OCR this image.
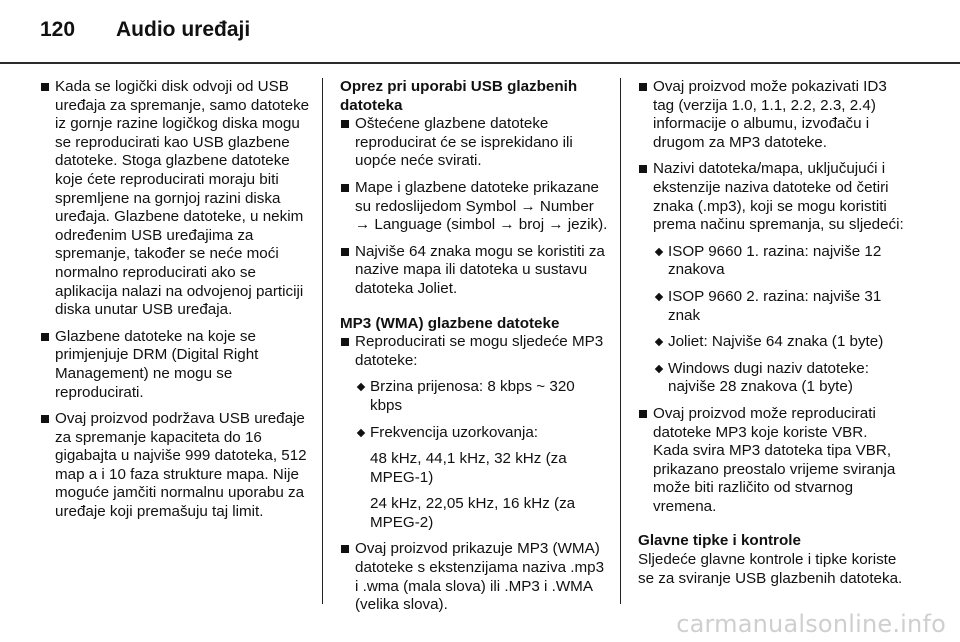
120	Audio uređaji

Kada se logički disk odvoji od USB uređaja za spremanje, samo datoteke iz gornje razine logičkog diska mogu se reproducirati kao USB glazbene datoteke. Stoga glazbene datoteke koje ćete reproducirati moraju biti spremljene na gornjoj razini diska uređaja. Glazbene datoteke, u nekim određenim USB uređajima za spremanje, također se neće moći normalno reproducirati ako se aplikacija nalazi na odvojenoj particiji diska unutar USB uređaja.

Glazbene datoteke na koje se primjenjuje DRM (Digital Right Management) ne mogu se reproducirati.

Ovaj proizvod podržava USB uređaje za spremanje kapaciteta do 16 gigabajta u najviše 999 datoteka, 512 map a i 10 faza strukture mapa. Nije moguće jamčiti normalnu uporabu za uređaje koji premašuju taj limit.

Oprez pri uporabi USB glazbenih datoteka

Oštećene glazbene datoteke reproducirat će se isprekidano ili uopće neće svirati.

Mape i glazbene datoteke prikazane su redoslijedom Symbol → Number → Language (simbol → broj → jezik).

Najviše 64 znaka mogu se koristiti za nazive mapa ili datoteka u sustavu datoteka Joliet.

MP3 (WMA) glazbene datoteke

Reproducirati se mogu sljedeće MP3 datoteke:

Brzina prijenosa: 8 kbps ~ 320 kbps

Frekvencija uzorkovanja:

48 kHz, 44,1 kHz, 32 kHz (za MPEG-1)

24 kHz, 22,05 kHz, 16 kHz (za MPEG-2)

Ovaj proizvod prikazuje MP3 (WMA) datoteke s ekstenzijama naziva .mp3 i .wma (mala slova) ili .MP3 i .WMA (velika slova).

Ovaj proizvod može pokazivati ID3 tag (verzija 1.0, 1.1, 2.2, 2.3, 2.4) informacije o albumu, izvođaču i drugom za MP3 datoteke.

Nazivi datoteka/mapa, uključujući i ekstenzije naziva datoteke od četiri znaka (.mp3), koji se mogu koristiti prema načinu spremanja, su sljedeći:

ISOP 9660 1. razina: najviše 12 znakova

ISOP 9660 2. razina: najviše 31 znak

Joliet: Najviše 64 znaka (1 byte)

Windows dugi naziv datoteke: najviše 28 znakova (1 byte)

Ovaj proizvod može reproducirati datoteke MP3 koje koriste VBR. Kada svira MP3 datoteka tipa VBR, prikazano preostalo vrijeme sviranja može biti različito od stvarnog vremena.

Glavne tipke i kontrole

Sljedeće glavne kontrole i tipke koriste se za sviranje USB glazbenih datoteka.

carmanualsonline.info
